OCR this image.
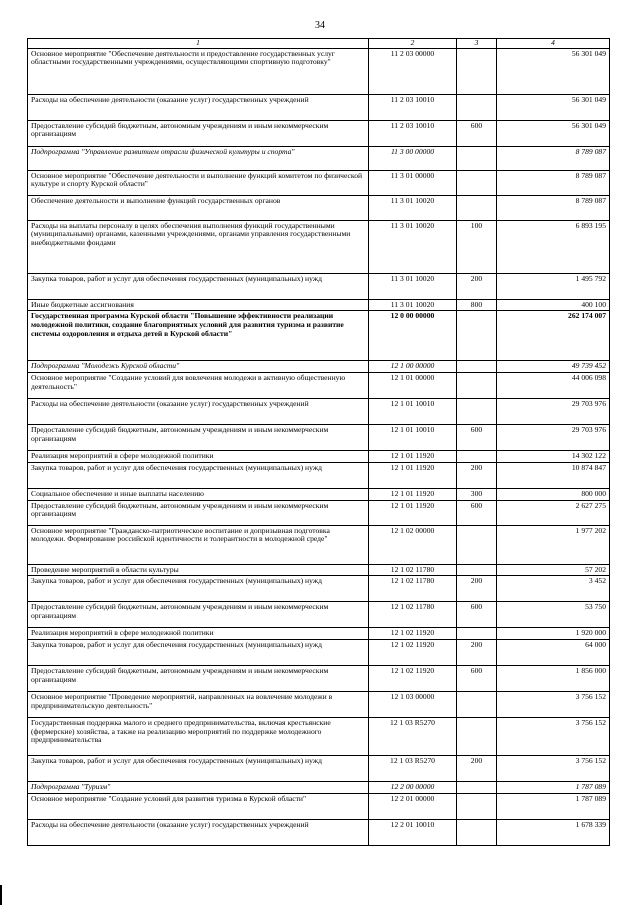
34
1	2	3	4
Основное мероприятие "Обеспечение деятельности и предоставление государственных услуг областными государственными учреждениями, осуществляющими спортивную подготовку"	11 2 03 00000		56 301 049
Расходы на обеспечение деятельности (оказание услуг) государственных учреждений	11 2 03 10010		56 301 049
Предоставление субсидий бюджетным, автономным учреждениям и иным некоммерческим организациям	11 2 03 10010	600	56 301 049
Подпрограмма "Управление развитием отрасли физической культуры и спорта"	11 3 00 00000		8 789 087
Основное мероприятие "Обеспечение деятельности и выполнение функций комитетом по физической культуре и спорту Курской области"	11 3 01 00000		8 789 087
Обеспечение деятельности и выполнение функций государственных органов	11 3 01 10020		8 789 087
Расходы на выплаты персоналу в целях обеспечения выполнения функций государственными (муниципальными) органами, казенными учреждениями, органами управления государственными внебюджетными фондами	11 3 01 10020	100	6 893 195
Закупка товаров, работ и услуг для обеспечения государственных (муниципальных) нужд	11 3 01 10020	200	1 495 792
Иные бюджетные ассигнования	11 3 01 10020	800	400 100
Государственная программа Курской области "Повышение эффективности реализации молодежной политики, создание благоприятных условий для развития туризма и развитие системы оздоровления и отдыха детей в Курской области"	12 0 00 00000		262 174 007
Подпрограмма "Молодежь Курской области"	12 1 00 00000		49 739 452
Основное мероприятие "Создание условий для вовлечения молодежи в активную общественную деятельность"	12 1 01 00000		44 006 098
Расходы на обеспечение деятельности (оказание услуг) государственных учреждений	12 1 01 10010		29 703 976
Предоставление субсидий бюджетным, автономным учреждениям и иным некоммерческим организациям	12 1 01 10010	600	29 703 976
Реализация мероприятий в сфере молодежной политики	12 1 01 11920		14 302 122
Закупка товаров, работ и услуг для обеспечения государственных (муниципальных) нужд	12 1 01 11920	200	10 874 847
Социальное обеспечение и иные выплаты населению	12 1 01 11920	300	800 000
Предоставление субсидий бюджетным, автономным учреждениям и иным некоммерческим организациям	12 1 01 11920	600	2 627 275
Основное мероприятие "Гражданско-патриотическое воспитание и допризывная подготовка молодежи. Формирование российской идентичности и толерантности в молодежной среде"	12 1 02 00000		1 977 202
Проведение мероприятий в области культуры	12 1 02 11780		57 202
Закупка товаров, работ и услуг для обеспечения государственных (муниципальных) нужд	12 1 02 11780	200	3 452
Предоставление субсидий бюджетным, автономным учреждениям и иным некоммерческим организациям	12 1 02 11780	600	53 750
Реализация мероприятий в сфере молодежной политики	12 1 02 11920		1 920 000
Закупка товаров, работ и услуг для обеспечения государственных (муниципальных) нужд	12 1 02 11920	200	64 000
Предоставление субсидий бюджетным, автономным учреждениям и иным некоммерческим организациям	12 1 02 11920	600	1 856 000
Основное мероприятие "Проведение мероприятий, направленных на вовлечение молодежи в предпринимательскую деятельность"	12 1 03 00000		3 756 152
Государственная поддержка малого и среднего предпринимательства, включая крестьянские (фермерские) хозяйства, а также на реализацию мероприятий по поддержке молодежного предпринимательства	12 1 03 R5270		3 756 152
Закупка товаров, работ и услуг для обеспечения государственных (муниципальных) нужд	12 1 03 R5270	200	3 756 152
Подпрограмма "Туризм"	12 2 00 00000		1 787 089
Основное мероприятие "Создание условий для развития туризма в Курской области"	12 2 01 00000		1 787 089
Расходы на обеспечение деятельности (оказание услуг) государственных учреждений	12 2 01 10010		1 678 339
